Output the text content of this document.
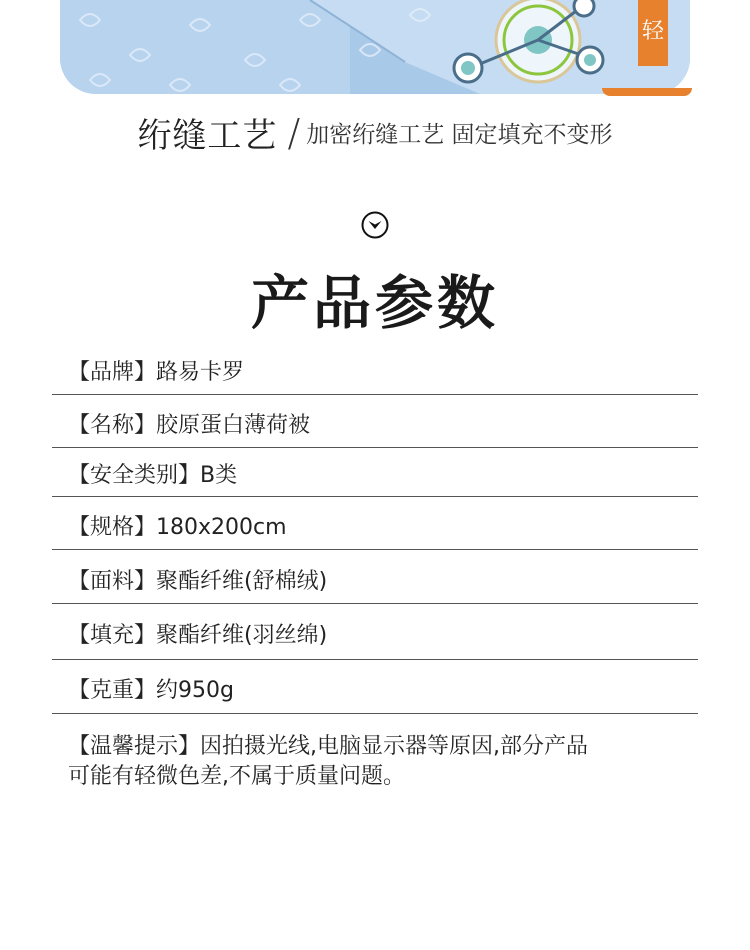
轻
绗缝工艺 / 加密绗缝工艺 固定填充不变形
产品参数
【品牌】路易卡罗
【名称】胶原蛋白薄荷被
【安全类别】B类
【规格】180x200cm
【面料】聚酯纤维(舒棉绒)
【填充】聚酯纤维(羽丝绵)
【克重】约950g
【温馨提示】因拍摄光线,电脑显示器等原因,部分产品
可能有轻微色差,不属于质量问题。
